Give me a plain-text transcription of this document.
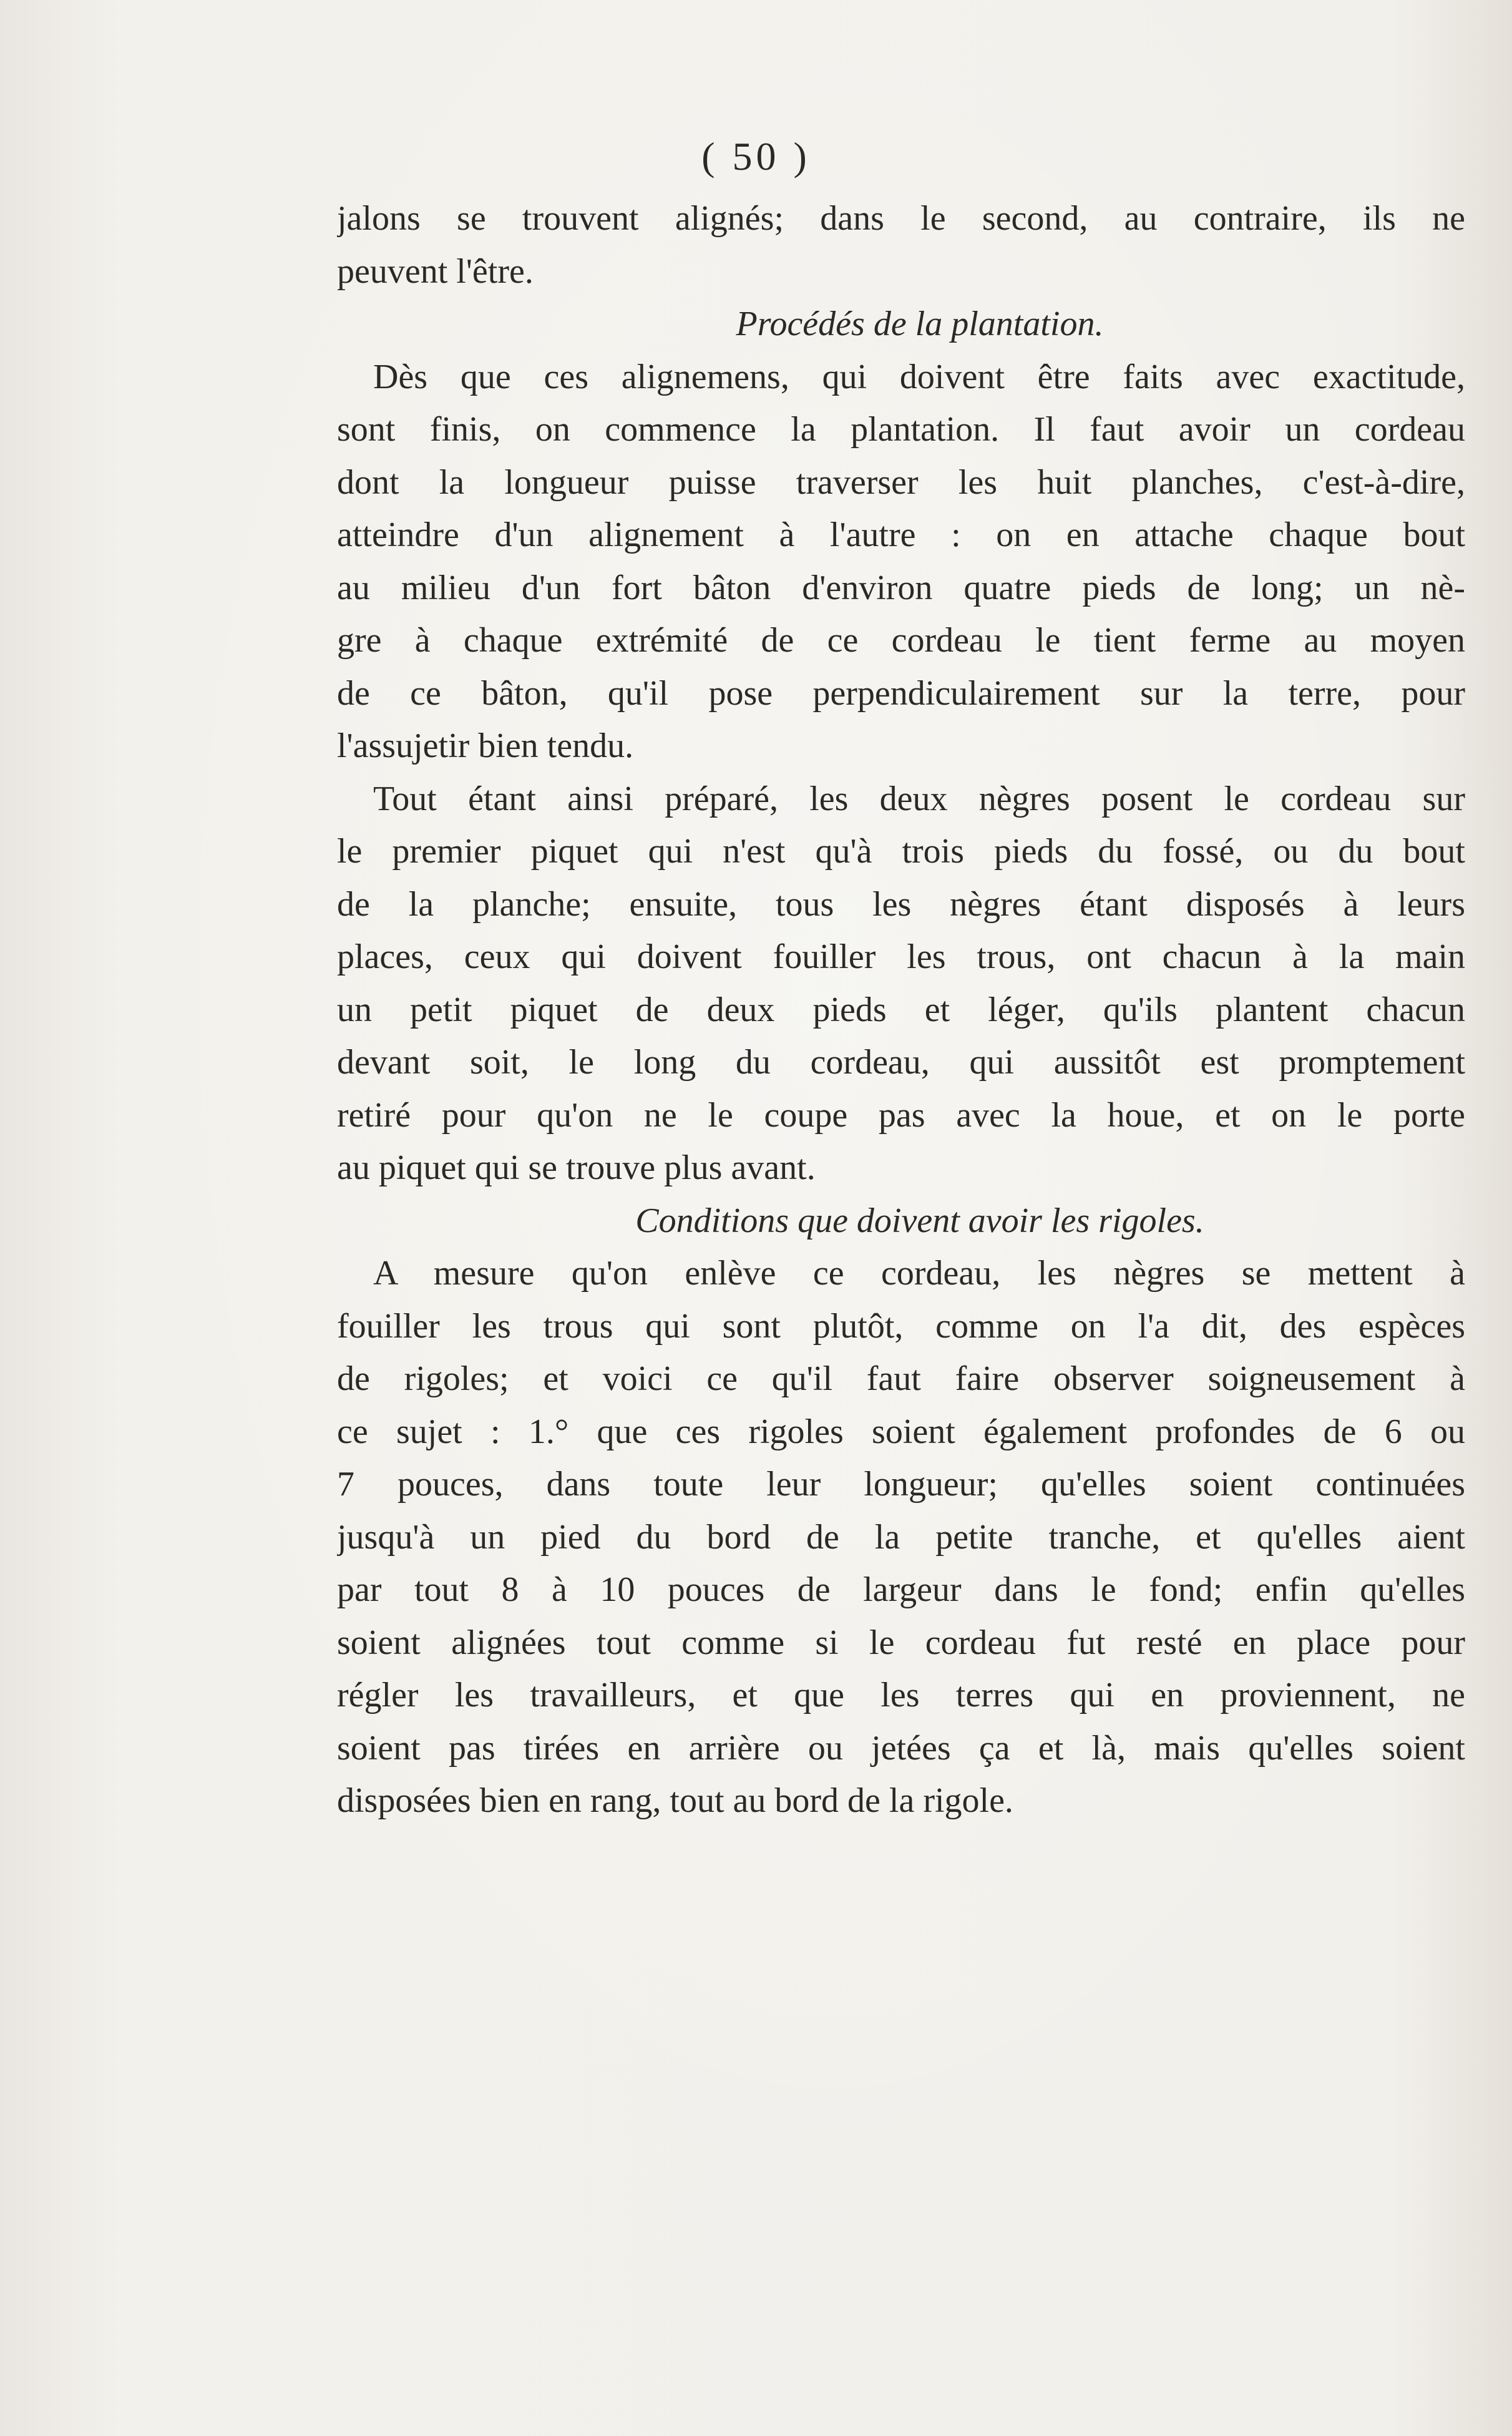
( 50 )
jalons se trouvent alignés; dans le second, au contraire, ils ne
peuvent l'être.
Procédés de la plantation.
Dès que ces alignemens, qui doivent être faits avec exactitude,
sont finis, on commence la plantation. Il faut avoir un cordeau
dont la longueur puisse traverser les huit planches, c'est-à-dire,
atteindre d'un alignement à l'autre : on en attache chaque bout
au milieu d'un fort bâton d'environ quatre pieds de long; un nè-
gre à chaque extrémité de ce cordeau le tient ferme au moyen
de ce bâton, qu'il pose perpendiculairement sur la terre, pour
l'assujetir bien tendu.
Tout étant ainsi préparé, les deux nègres posent le cordeau sur
le premier piquet qui n'est qu'à trois pieds du fossé, ou du bout
de la planche; ensuite, tous les nègres étant disposés à leurs
places, ceux qui doivent fouiller les trous, ont chacun à la main
un petit piquet de deux pieds et léger, qu'ils plantent chacun
devant soit, le long du cordeau, qui aussitôt est promptement
retiré pour qu'on ne le coupe pas avec la houe, et on le porte
au piquet qui se trouve plus avant.
Conditions que doivent avoir les rigoles.
A mesure qu'on enlève ce cordeau, les nègres se mettent à
fouiller les trous qui sont plutôt, comme on l'a dit, des espèces
de rigoles; et voici ce qu'il faut faire observer soigneusement à
ce sujet : 1.° que ces rigoles soient également profondes de 6 ou
7 pouces, dans toute leur longueur; qu'elles soient continuées
jusqu'à un pied du bord de la petite tranche, et qu'elles aient
par tout 8 à 10 pouces de largeur dans le fond; enfin qu'elles
soient alignées tout comme si le cordeau fut resté en place pour
régler les travailleurs, et que les terres qui en proviennent, ne
soient pas tirées en arrière ou jetées ça et là, mais qu'elles soient
disposées bien en rang, tout au bord de la rigole.
